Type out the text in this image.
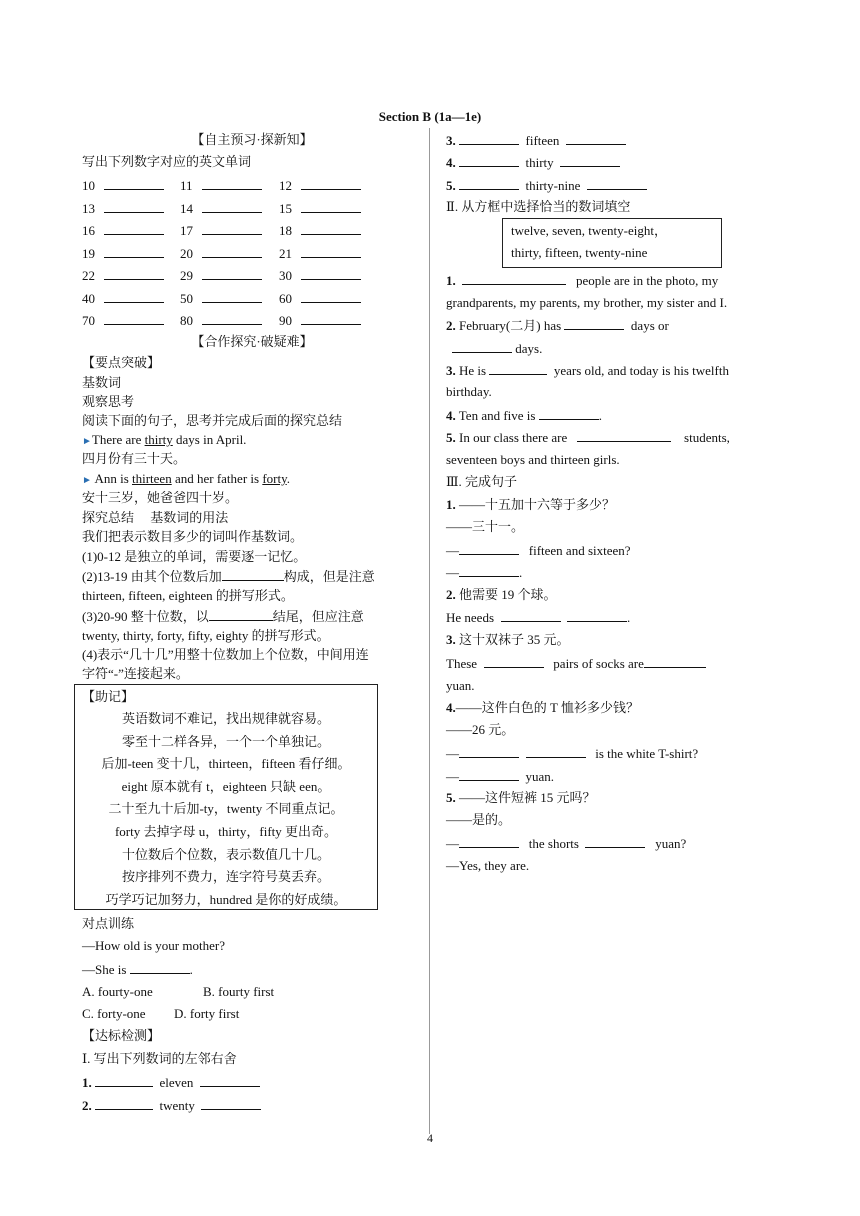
Section B (1a—1e)
【自主预习·探新知】
写出下列数字对应的英文单词
10	11	12
13	14	15
16	17	18
19	20	21
22	29	30
40	50	60
70	80	90
【合作探究·破疑难】
【要点突破】
基数词
观察思考
阅读下面的句子，思考并完成后面的探究总结
►There are thirty days in April.
四月份有三十天。
► Ann is thirteen and her father is forty.
安十三岁，她爸爸四十岁。
探究总结　 基数词的用法
我们把表示数目多少的词叫作基数词。
(1)0-12 是独立的单词，需要逐一记忆。
(2)13-19 由其个位数后加	构成，但是注意
thirteen, fifteen, eighteen 的拼写形式。
(3)20-90 整十位数，以	结尾，但应注意
twenty, thirty, forty, fifty, eighty 的拼写形式。
(4)表示“几十几”用整十位数加上个位数，中间用连
字符“-”连接起来。
【助记】
英语数词不难记，找出规律就容易。
零至十二样各异，一个一个单独记。
后加-teen 变十几，thirteen，fifteen 看仔细。
eight 原本就有 t，eighteen 只缺 een。
二十至九十后加-ty，twenty 不同重点记。
forty 去掉字母 u，thirty，fifty 更出奇。
十位数后个位数，表示数值几十几。
按序排列不费力，连字符号莫丢弃。
巧学巧记加努力，hundred 是你的好成绩。
对点训练
—How old is your mother?
—She is	.
A. fourty-one	B. fourty first
C. forty-one D. forty first
【达标检测】
Ⅰ. 写出下列数词的左邻右舍
1.	eleven
2.	twenty
3.	fifteen
4.	thirty
5.	thirty-nine
Ⅱ. 从方框中选择恰当的数词填空
twelve, seven, twenty-eight，
thirty, fifteen, twenty-nine
1.	people are in the photo, my
grandparents, my parents, my brother, my sister and I.
2. February(二月) has	days or
days.
3. He is	years old, and today is his twelfth
birthday.
4. Ten and five is	.
5. In our class there are	students,
seventeen boys and thirteen girls.
Ⅲ. 完成句子
1. ——十五加十六等于多少？
——三十一。
—	fifteen and sixteen?
—	.
2. 他需要 19 个球。
He needs	.
3. 这十双袜子 35 元。
These	pairs of socks are
yuan.
4.——这件白色的 T 恤衫多少钱？
——26 元。
—	is the white T-shirt?
—	yuan.
5. ——这件短裤 15 元吗？
——是的。
—	the shorts	yuan?
—Yes, they are.
4
